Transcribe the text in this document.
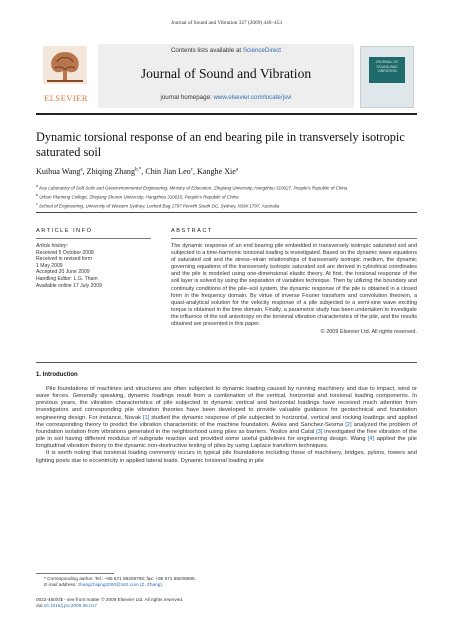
Journal of Sound and Vibration 327 (2009) 440–453
ELSEVIER
Contents lists available at ScienceDirect
Journal of Sound and Vibration
journal homepage: www.elsevier.com/locate/jsvi
JOURNAL OF SOUND AND VIBRATION
Dynamic torsional response of an end bearing pile in transversely isotropic saturated soil
Kuihua Wang$^a$, Zhiqing Zhang$^{b,*}$, Chin Jian Leo$^c$, Kanghe Xie$^a$
$^a$ Key Laboratory of Soft Soils and Geoenvironmental Engineering, Ministry of Education, Zhejiang University, Hangzhou 310027, People's Republic of China
$^b$ Urban Planning College, Zhejiang Shuren University, Hangzhou 310015, People's Republic of China
$^c$ School of Engineering, University of Western Sydney, Locked Bag 1797 Penrith South DC, Sydney, NSW 1797, Australia
ARTICLE INFO
Article history:
Received 5 October 2008
Received in revised form
1 May 2009
Accepted 20 June 2009
Handling Editor: L.G. Tham
Available online 17 July 2009
ABSTRACT
The dynamic response of an end bearing pile embedded in transversely isotropic saturated soil and subjected to a time-harmonic torsional loading is investigated. Based on the dynamic wave equations of saturated soil and the stress–strain relationships of transversely isotropic medium, the dynamic governing equations of the transversely isotropic saturated soil are derived in cylindrical coordinates and the pile is modeled using one-dimensional elastic theory. At first, the torsional response of the soil layer is solved by using the separation of variables technique. Then by utilizing the boundary and continuity conditions of the pile–soil system, the dynamic response of the pile is obtained in a closed form in the frequency domain. By virtue of inverse Fourier transform and convolution theorem, a quasi-analytical solution for the velocity response of a pile subjected to a semi-sine wave exciting torque is obtained in the time domain. Finally, a parametric study has been undertaken to investigate the influence of the soil anisotropy on the torsional vibration characteristics of the pile, and the results obtained are presented in this paper.
© 2009 Elsevier Ltd. All rights reserved.
1. Introduction

Pile foundations of machines and structures are often subjected to dynamic loading caused by running machinery and due to impact, wind or wave forces. Generally speaking, dynamic loadings result from a combination of the vertical, horizontal and torsional loading components. In previous years, the vibration characteristics of pile subjected to dynamic vertical and horizontal loadings have received much attention from investigators and corresponding pile vibration theories have been developed to provide valuable guidance for geotechnical and foundation engineering design. For instance, Novak [1] studied the dynamic response of pile subjected to horizontal, vertical and rocking loadings and applied the corresponding theory to predict the vibration characteristic of the machine foundation. Aviles and Sanchez-Sesma [2] analyzed the problem of foundation isolation from vibrations generated in the neighborhood using piles as barriers. Yesilce and Catal [3] investigated the free vibration of the pile in soil having different modulus of subgrade reaction and provided some useful guidelines for engineering design. Wang [4] applied the pile longitudinal vibration theory to the dynamic non-destructive testing of piles by using Laplace transform techniques.

It is worth noting that torsional loading commonly occurs in typical pile foundations including those of machinery, bridges, pylons, towers and lighting posts due to eccentricity in applied lateral loads. Dynamic torsional loading in pile

* Corresponding author. Tel.: +86 571 88208708; fax: +86 571 88208685.
E-mail address: zhangzhiqing2000@163.com (Z. Zhang).
0022-460X/$ - see front matter © 2009 Elsevier Ltd. All rights reserved.
doi:10.1016/j.jsv.2009.06.017
